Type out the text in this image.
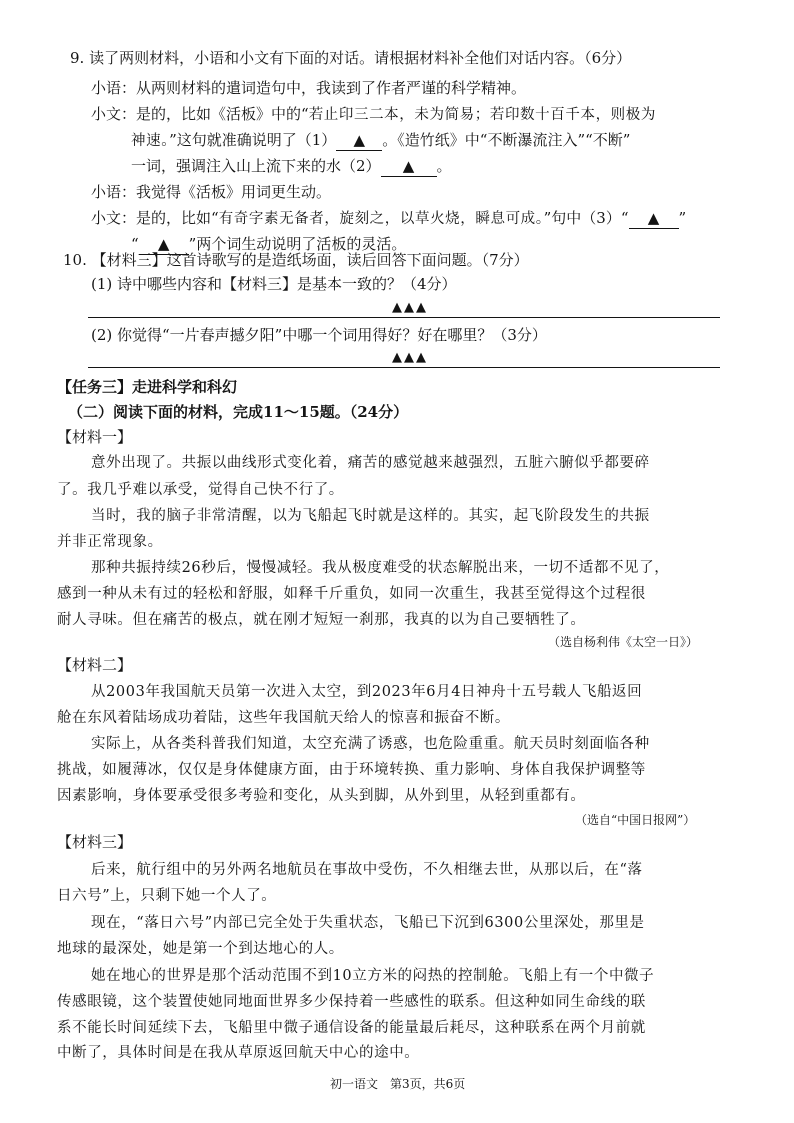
9. 读了两则材料，小语和小文有下面的对话。请根据材料补全他们对话内容。（6分）
小语：从两则材料的遣词造句中，我读到了作者严谨的科学精神。
小文：是的，比如《活板》中的“若止印三二本，未为简易；若印数十百千本，则极为
神速。”这句就准确说明了（1） ▲ 。《造竹纸》中“不断瀑流注入”“不断”
一词，强调注入山上流下来的水（2） ▲ 。
小语：我觉得《活板》用词更生动。
小文：是的，比如“有奇字素无备者，旋刻之，以草火烧，瞬息可成。”句中（3）“ ▲ ”
“ ▲ ”两个词生动说明了活板的灵活。
10. 【材料三】这首诗歌写的是造纸场面，读后回答下面问题。（7分）
(1) 诗中哪些内容和【材料三】是基本一致的？（4分）
▲▲▲
(2) 你觉得“一片春声撼夕阳”中哪一个词用得好？好在哪里？（3分）
▲▲▲
【任务三】走进科学和科幻
（二）阅读下面的材料，完成11～15题。（24分）
【材料一】
意外出现了。共振以曲线形式变化着，痛苦的感觉越来越强烈，五脏六腑似乎都要碎
了。我几乎难以承受，觉得自己快不行了。
当时，我的脑子非常清醒，以为飞船起飞时就是这样的。其实，起飞阶段发生的共振
并非正常现象。
那种共振持续26秒后，慢慢减轻。我从极度难受的状态解脱出来，一切不适都不见了，
感到一种从未有过的轻松和舒服，如释千斤重负，如同一次重生，我甚至觉得这个过程很
耐人寻味。但在痛苦的极点，就在刚才短短一刹那，我真的以为自己要牺牲了。
（选自杨利伟《太空一日》）
【材料二】
从2003年我国航天员第一次进入太空，到2023年6月4日神舟十五号载人飞船返回
舱在东风着陆场成功着陆，这些年我国航天给人的惊喜和振奋不断。
实际上，从各类科普我们知道，太空充满了诱惑，也危险重重。航天员时刻面临各种
挑战，如履薄冰，仅仅是身体健康方面，由于环境转换、重力影响、身体自我保护调整等
因素影响，身体要承受很多考验和变化，从头到脚，从外到里，从轻到重都有。
（选自“中国日报网”）
【材料三】
后来，航行组中的另外两名地航员在事故中受伤，不久相继去世，从那以后，在“落
日六号”上，只剩下她一个人了。
现在，“落日六号”内部已完全处于失重状态，飞船已下沉到6300公里深处，那里是
地球的最深处，她是第一个到达地心的人。
她在地心的世界是那个活动范围不到10立方米的闷热的控制舱。飞船上有一个中微子
传感眼镜，这个装置使她同地面世界多少保持着一些感性的联系。但这种如同生命线的联
系不能长时间延续下去，飞船里中微子通信设备的能量最后耗尽，这种联系在两个月前就
中断了，具体时间是在我从草原返回航天中心的途中。
初一语文　第3页，共6页
